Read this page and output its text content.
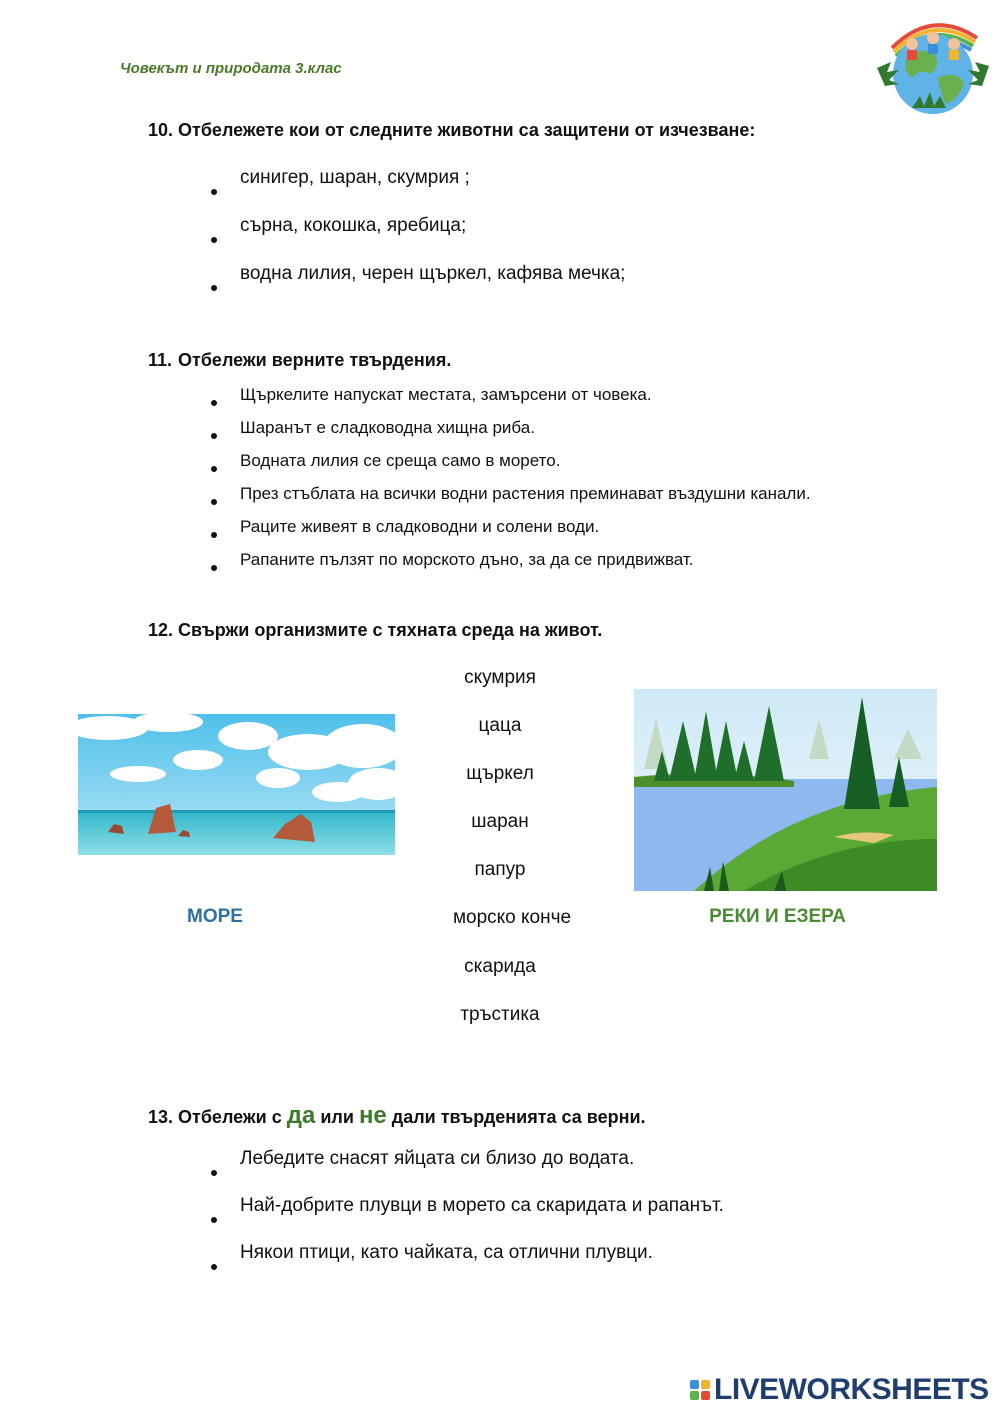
Човекът и природата 3.клас
10. Отбележете кои от следните животни са защитени от изчезване:
синигер, шаран, скумрия ;
сърна, кокошка, яребица;
водна лилия, черен щъркел, кафява мечка;
11. Отбележи верните твърдения.
Щъркелите напускат местата, замърсени от човека.
Шаранът е сладководна хищна риба.
Водната лилия се среща само в морето.
През стъблата на всички водни растения преминават въздушни канали.
Раците живеят в сладководни и солени води.
Рапаните пълзят по морското дъно, за да се придвижват.
12. Свържи организмите с тяхната среда на живот.
скумрия
цаца
щъркел
шаран
папур
морско конче
скарида
тръстика
МОРЕ	РЕКИ И ЕЗЕРА
13. Отбележи с да или не дали твърденията са верни.
Лебедите снасят яйцата си близо до водата.
Най-добрите плувци в морето са скаридата и рапанът.
Някои птици, като чайката, са отлични плувци.
LIVEWORKSHEETS
